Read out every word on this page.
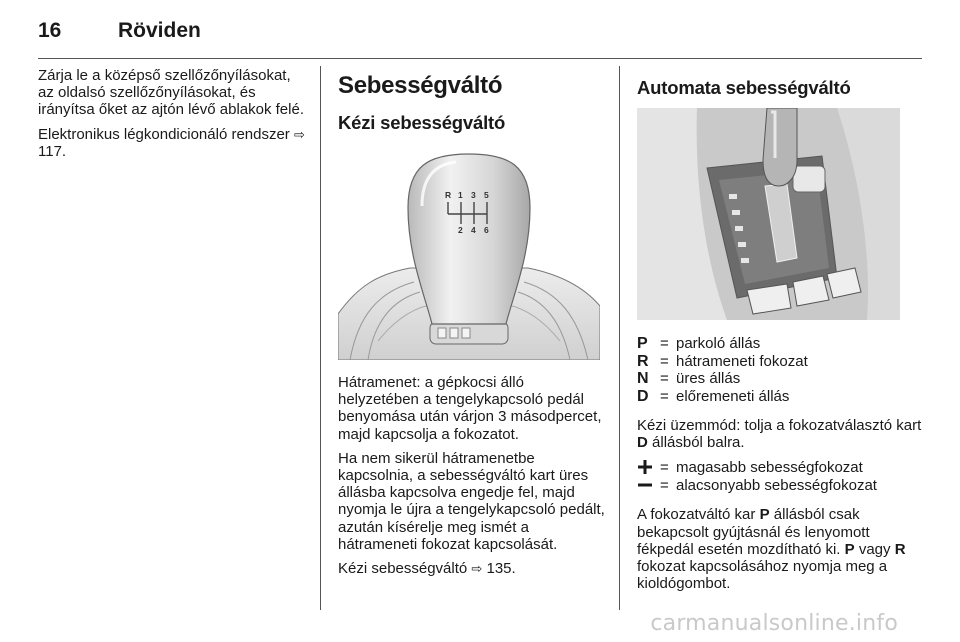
16	Röviden

Zárja le a középső szellőzőnyílásokat, az oldalsó szellőzőnyílásokat, és irányítsa őket az ajtón lévő ablakok felé.

Elektronikus légkondicionáló rendszer ⇨ 117.

Sebességváltó
Kézi sebességváltó
R 1 3 5
2 4 6

Hátramenet: a gépkocsi álló helyzetében a tengelykapcsoló pedál benyomása után várjon 3 másodpercet, majd kapcsolja a fokozatot.

Ha nem sikerül hátramenetbe kapcsolnia, a sebességváltó kart üres állásba kapcsolva engedje fel, majd nyomja le újra a tengelykapcsoló pedált, azután kísérelje meg ismét a hátrameneti fokozat kapcsolását.

Kézi sebességváltó ⇨ 135.

Automata sebességváltó
P = parkoló állás
R = hátrameneti fokozat
N = üres állás
D = előremeneti állás

Kézi üzemmód: tolja a fokozatválasztó kart D állásból balra.

= magasabb sebességfokozat
= alacsonyabb sebességfokozat

A fokozatváltó kar P állásból csak bekapcsolt gyújtásnál és lenyomott fékpedál esetén mozdítható ki. P vagy R fokozat kapcsolásához nyomja meg a kioldógombot.

carmanualsonline.info
